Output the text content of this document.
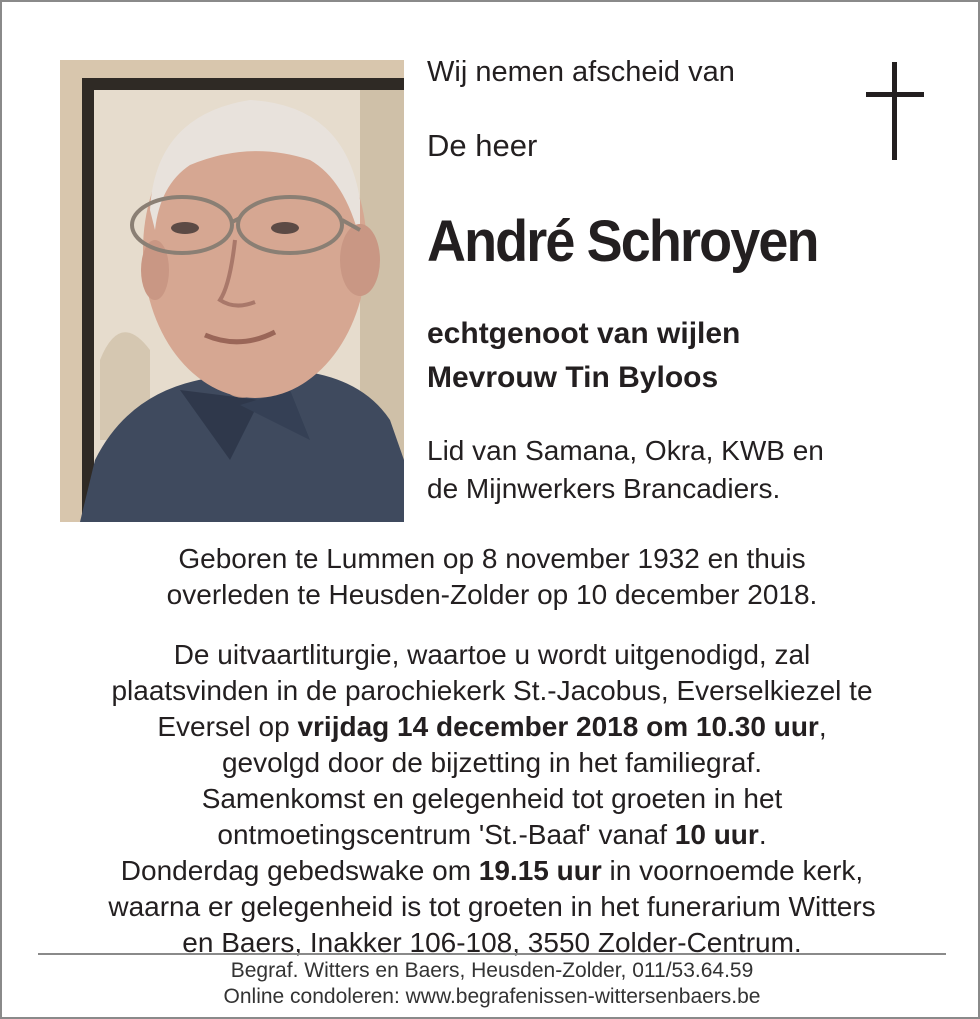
Wij nemen afscheid van
De heer
André Schroyen
echtgenoot van wijlen
Mevrouw Tin Byloos
Lid van Samana, Okra, KWB en
de Mijnwerkers Brancadiers.
Geboren te Lummen op 8 november 1932 en thuis
overleden te Heusden-Zolder op 10 december 2018.
De uitvaartliturgie, waartoe u wordt uitgenodigd, zal
plaatsvinden in de parochiekerk St.-Jacobus, Everselkiezel te
Eversel op vrijdag 14 december 2018 om 10.30 uur,
gevolgd door de bijzetting in het familiegraf.
Samenkomst en gelegenheid tot groeten in het
ontmoetingscentrum 'St.-Baaf' vanaf 10 uur.
Donderdag gebedswake om 19.15 uur in voornoemde kerk,
waarna er gelegenheid is tot groeten in het funerarium Witters
en Baers, Inakker 106-108, 3550 Zolder-Centrum.
Begraf. Witters en Baers, Heusden-Zolder, 011/53.64.59
Online condoleren: www.begrafenissen-wittersenbaers.be
